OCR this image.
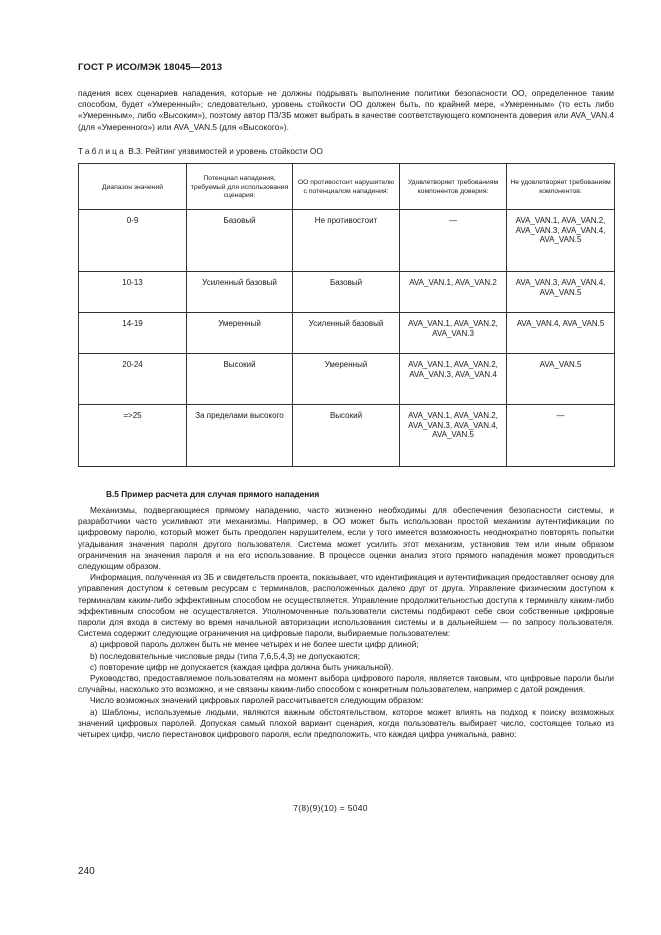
ГОСТ Р ИСО/МЭК 18045—2013

падения всех сценариев нападения, которые не должны подрывать выполнение политики безопасности ОО, определенное таким способом, будет «Умеренный»; следовательно, уровень стойкости ОО должен быть, по крайней мере, «Умеренным» (то есть либо «Умеренным», либо «Высоким»), поэтому автор ПЗ/ЗБ может выбрать в качестве соответствующего компонента доверия или AVA_VAN.4 (для «Умеренного») или AVA_VAN.5 (для «Высокого»).

Таблица В.3. Рейтинг уязвимостей и уровень стойкости ОО
Диапазон значений	Потенциал нападения, требуемый для использования сценария:	ОО противостоит нарушителю с потенциалом нападения:	Удовлетворяет требованиям компонентов доверия:	Не удовлетворяет требованиям компонентов:
0-9	Базовый	Не противостоит	—	AVA_VAN.1, AVA_VAN.2, AVA_VAN.3, AVA_VAN.4, AVA_VAN.5
10-13	Усиленный базовый	Базовый	AVA_VAN.1, AVA_VAN.2	AVA_VAN.3, AVA_VAN.4, AVA_VAN.5
14-19	Умеренный	Усиленный базовый	AVA_VAN.1, AVA_VAN.2, AVA_VAN.3	AVA_VAN.4, AVA_VAN.5
20-24	Высокий	Умеренный	AVA_VAN.1, AVA_VAN.2, AVA_VAN.3, AVA_VAN.4	AVA_VAN.5
=>25	За пределами высокого	Высокий	AVA_VAN.1, AVA_VAN.2, AVA_VAN.3, AVA_VAN.4, AVA_VAN.5	—
В.5 Пример расчета для случая прямого нападения

Механизмы, подвергающиеся прямому нападению, часто жизненно необходимы для обеспечения безопасности системы, и разработчики часто усиливают эти механизмы. Например, в ОО может быть использован простой механизм аутентификации по цифровому паролю, который может быть преодолен нарушителем, если у того имеется возможность неоднократно повторять попытки угадывания значения пароля другого пользователя. Система может усилить этот механизм, установив тем или иным образом ограничения на значения пароля и на его использование. В процессе оценки анализ этого прямого нападения может проводиться следующим образом.

Информация, полученная из ЗБ и свидетельств проекта, показывает, что идентификация и аутентификация предоставляет основу для управления доступом к сетевым ресурсам с терминалов, расположенных далеко друг от друга. Управление физическим доступом к терминалам каким-либо эффективным способом не осуществляется. Управление продолжительностью доступа к терминалу каким-либо эффективным способом не осуществляется. Уполномоченные пользователи системы подбирают себе свои собственные цифровые пароли для входа в систему во время начальной авторизации использования системы и в дальнейшем — по запросу пользователя. Система содержит следующие ограничения на цифровые пароли, выбираемые пользователем:

a) цифровой пароль должен быть не менее четырех и не более шести цифр длиной;

b) последовательные числовые ряды (типа 7,6,5,4,3) не допускаются;

c) повторение цифр не допускается (каждая цифра должна быть уникальной).

Руководство, предоставляемое пользователям на момент выбора цифрового пароля, является таковым, что цифровые пароли были случайны, насколько это возможно, и не связаны каким-либо способом с конкретным пользователем, например с датой рождения.

Число возможных значений цифровых паролей рассчитывается следующим образом:

a) Шаблоны, используемые людьми, являются важным обстоятельством, которое может влиять на подход к поиску возможных значений цифровых паролей. Допуская самый плохой вариант сценария, когда пользователь выбирает число, состоящее только из четырех цифр, число перестановок цифрового пароля, если предположить, что каждая цифра уникальна, равно:

7(8)(9)(10) = 5040
240
